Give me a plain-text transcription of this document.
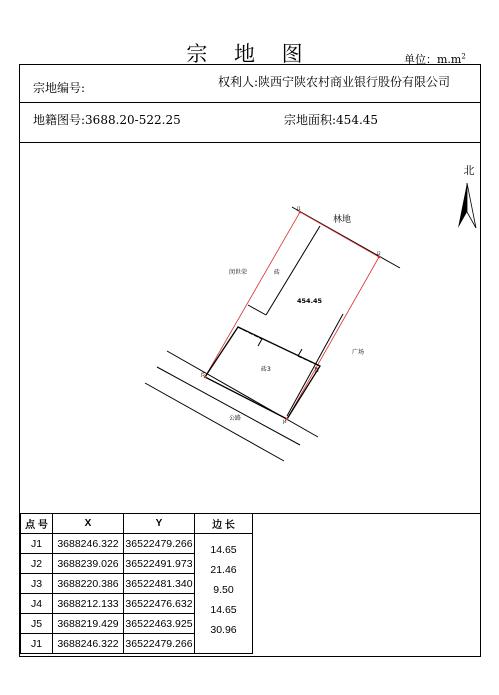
宗 地 图	单位：$m.m^2$
宗地编号:	权利人:陕西宁陕农村商业银行股份有限公司
地籍图号:3688.20-522.25	宗地面积:454.45
北
J1
J2
J3
J4
J5
林地
闵世荣	砖
454.45
广场
砖3
公路
点 号	X	Y	边 长
J1	3688246.322	36522479.266	
J2	3688239.026	36522491.973	14.65

J3	3688220.386	36522481.340	21.46

J4	3688212.133	36522476.632	9.50

J5	3688219.429	36522463.925	14.65

J1	3688246.322	36522479.266	30.96
